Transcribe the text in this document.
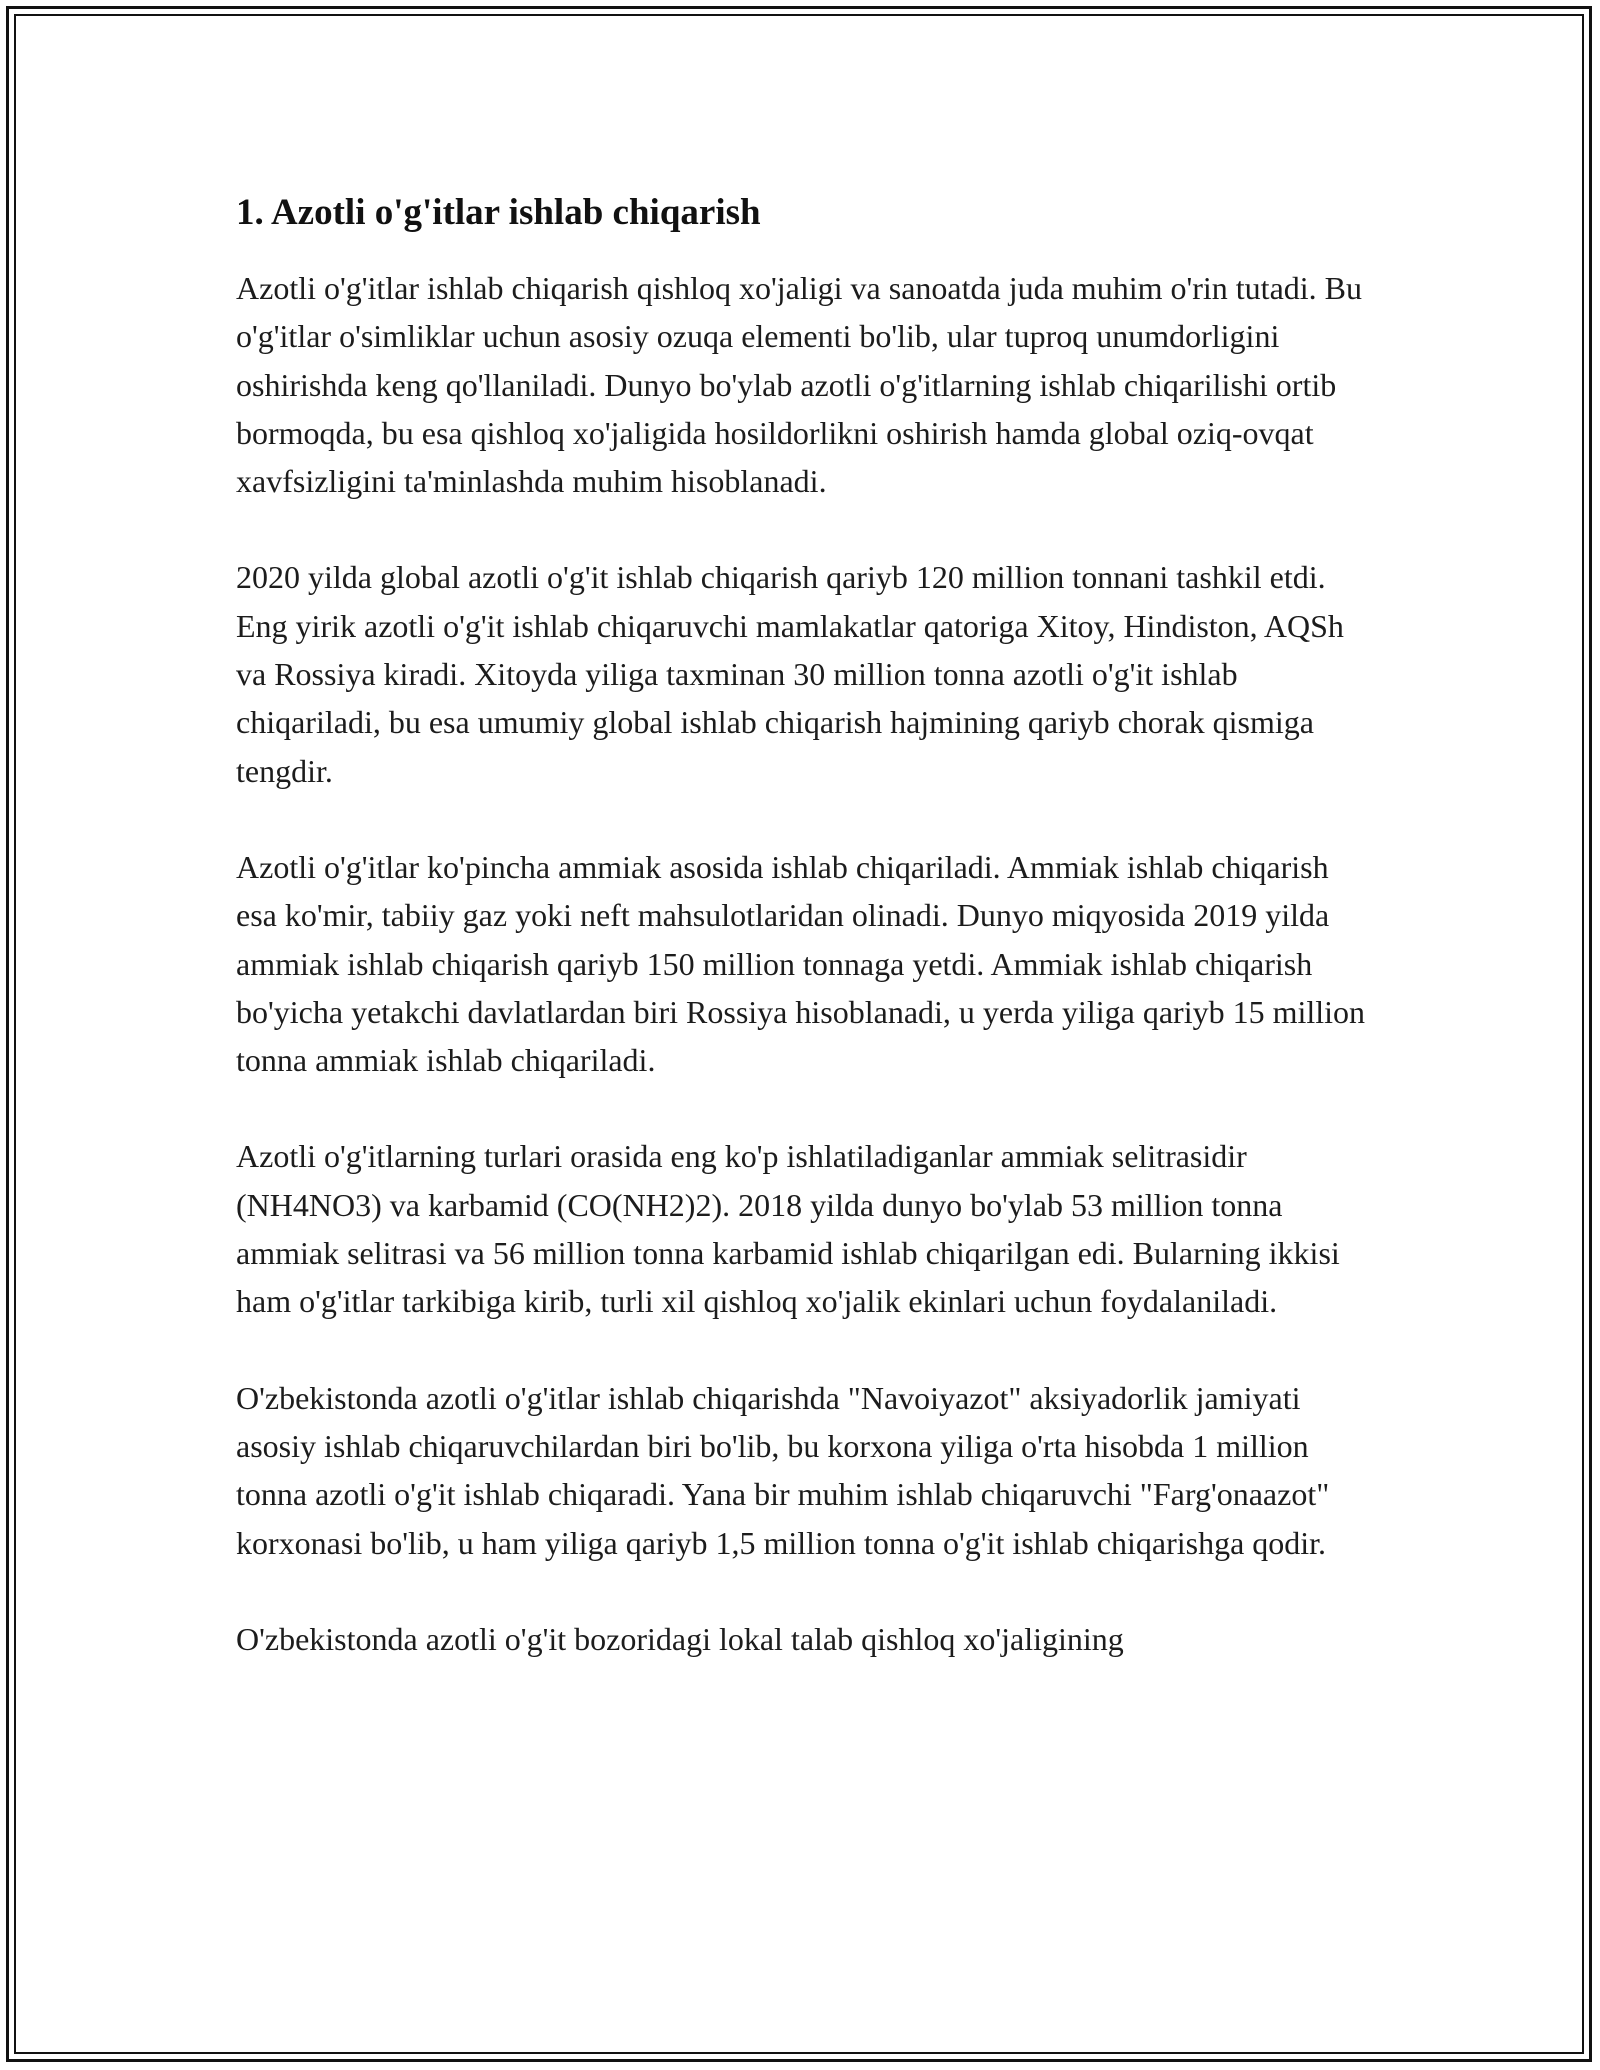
1. Azotli o'g'itlar ishlab chiqarish

Azotli o'g'itlar ishlab chiqarish qishloq xo'jaligi va sanoatda juda muhim o'rin tutadi. Bu o'g'itlar o'simliklar uchun asosiy ozuqa elementi bo'lib, ular tuproq unumdorligini oshirishda keng qo'llaniladi. Dunyo bo'ylab azotli o'g'itlarning ishlab chiqarilishi ortib bormoqda, bu esa qishloq xo'jaligida hosildorlikni oshirish hamda global oziq-ovqat xavfsizligini ta'minlashda muhim hisoblanadi.

2020 yilda global azotli o'g'it ishlab chiqarish qariyb 120 million tonnani tashkil etdi. Eng yirik azotli o'g'it ishlab chiqaruvchi mamlakatlar qatoriga Xitoy, Hindiston, AQSh va Rossiya kiradi. Xitoyda yiliga taxminan 30 million tonna azotli o'g'it ishlab chiqariladi, bu esa umumiy global ishlab chiqarish hajmining qariyb chorak qismiga tengdir.

Azotli o'g'itlar ko'pincha ammiak asosida ishlab chiqariladi. Ammiak ishlab chiqarish esa ko'mir, tabiiy gaz yoki neft mahsulotlaridan olinadi. Dunyo miqyosida 2019 yilda ammiak ishlab chiqarish qariyb 150 million tonnaga yetdi. Ammiak ishlab chiqarish bo'yicha yetakchi davlatlardan biri Rossiya hisoblanadi, u yerda yiliga qariyb 15 million tonna ammiak ishlab chiqariladi.

Azotli o'g'itlarning turlari orasida eng ko'p ishlatiladiganlar ammiak selitrasidir (NH4NO3) va karbamid (CO(NH2)2). 2018 yilda dunyo bo'ylab 53 million tonna ammiak selitrasi va 56 million tonna karbamid ishlab chiqarilgan edi. Bularning ikkisi ham o'g'itlar tarkibiga kirib, turli xil qishloq xo'jalik ekinlari uchun foydalaniladi.

O'zbekistonda azotli o'g'itlar ishlab chiqarishda "Navoiyazot" aksiyadorlik jamiyati asosiy ishlab chiqaruvchilardan biri bo'lib, bu korxona yiliga o'rta hisobda 1 million tonna azotli o'g'it ishlab chiqaradi. Yana bir muhim ishlab chiqaruvchi "Farg'onaazot" korxonasi bo'lib, u ham yiliga qariyb 1,5 million tonna o'g'it ishlab chiqarishga qodir.

O'zbekistonda azotli o'g'it bozoridagi lokal talab qishloq xo'jaligining
